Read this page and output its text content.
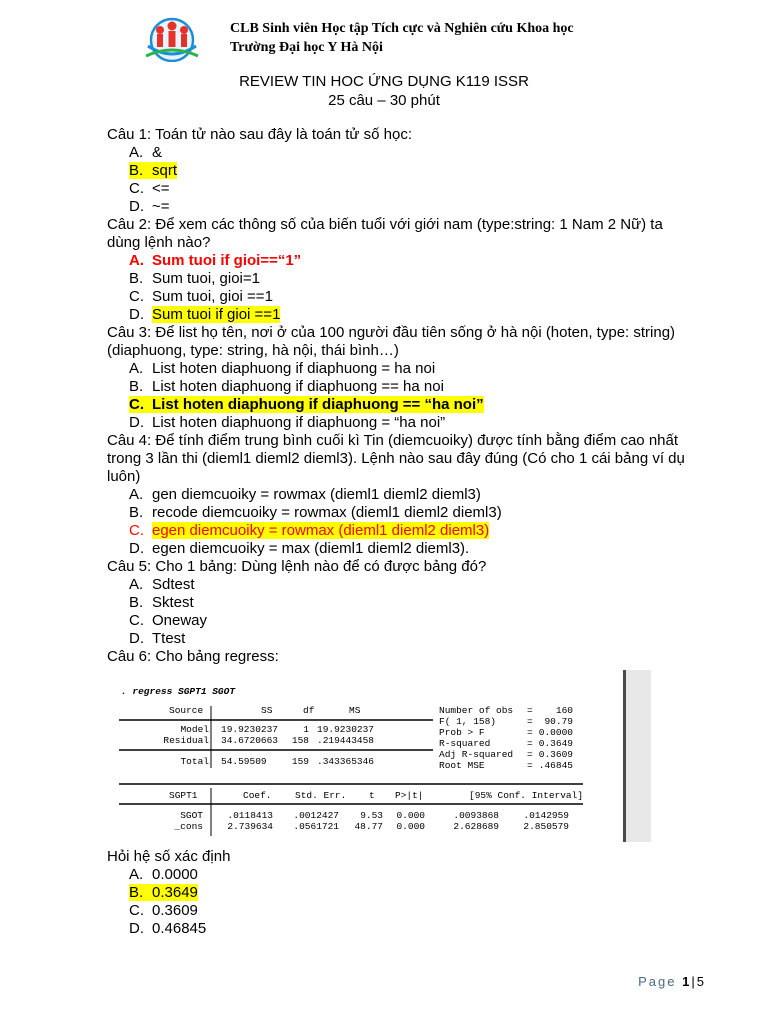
CLB Sinh viên Học tập Tích cực và Nghiên cứu Khoa học
Trường Đại học Y Hà Nội
REVIEW TIN HOC ỨNG DỤNG K119 ISSR
25 câu – 30 phút

Câu 1: Toán tử nào sau đây là toán tử số học:

A. &
B. sqrt
C. <=
D. ~=

Câu 2: Để xem các thông số của biến tuổi với giới nam (type:string: 1 Nam 2 Nữ) ta dùng lệnh nào?

A. Sum tuoi if gioi==“1”
B. Sum tuoi, gioi=1
C. Sum tuoi, gioi ==1
D. Sum tuoi if gioi ==1

Câu 3: Để list họ tên, nơi ở của 100 người đầu tiên sống ở hà nội (hoten, type: string) (diaphuong, type: string, hà nội, thái bình…)

A. List hoten diaphuong if diaphuong = ha noi
B. List hoten diaphuong if diaphuong == ha noi
C. List hoten diaphuong if diaphuong == “ha noi”
D. List hoten diaphuong if diaphuong = “ha noi”

Câu 4: Để tính điểm trung bình cuối kì Tin (diemcuoiky) được tính bằng điểm cao nhất trong 3 lần thi (dieml1 dieml2 dieml3). Lệnh nào sau đây đúng (Có cho 1 cái bảng ví dụ luôn)

A. gen diemcuoiky = rowmax (dieml1 dieml2 dieml3)
B. recode diemcuoiky = rowmax (dieml1 dieml2 dieml3)
C. egen diemcuoiky = rowmax (dieml1 dieml2 dieml3)
D. egen diemcuoiky = max (dieml1 dieml2 dieml3).

Câu 5: Cho 1 bảng: Dùng lệnh nào để có được bảng đó?

A. Sdtest
B. Sktest
C. Oneway
D. Ttest

Câu 6: Cho bảng regress:

. regress SGPT1 SGOT
Source	SS	df	MS
Model 19.9230237	1 19.9230237
Residual 34.6720663 158 .219443458
Total 54.59509	159 .343365346
Number of obs = 160
F( 1, 158)	= 90.79
Prob > F	= 0.0000
R-squared	= 0.3649
Adj R-squared = 0.3609
Root MSE	= .46845
SGPT1	Coef. Std. Err. t P>|t|	[95% Conf. Interval]
SGOT	.0118413 .0012427 9.53 0.000	.0093868	.0142959
_cons	2.739634 .0561721 48.77 0.000	2.628689	2.850579

Hỏi hệ số xác định

A. 0.0000
B. 0.3649
C. 0.3609
D. 0.46845
Page 1 | 5
